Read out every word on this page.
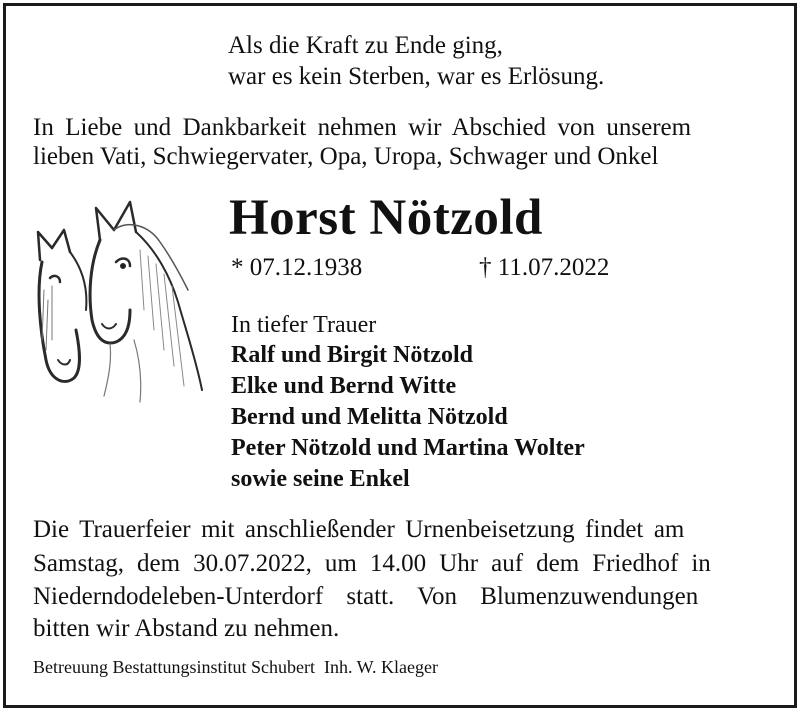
Als die Kraft zu Ende ging,
war es kein Sterben, war es Erlösung.
In Liebe und Dankbarkeit nehmen wir Abschied von unserem
lieben Vati, Schwiegervater, Opa, Uropa, Schwager und Onkel
Horst Nötzold
* 07.12.1938	† 11.07.2022
In tiefer Trauer
Ralf und Birgit Nötzold
Elke und Bernd Witte
Bernd und Melitta Nötzold
Peter Nötzold und Martina Wolter
sowie seine Enkel
Die Trauerfeier mit anschließender Urnenbeisetzung findet am
Samstag, dem 30.07.2022, um 14.00 Uhr auf dem Friedhof in
Niederndodeleben-Unterdorf statt. Von Blumenzuwendungen
bitten wir Abstand zu nehmen.
Betreuung Bestattungsinstitut Schubert  Inh. W. Klaeger
